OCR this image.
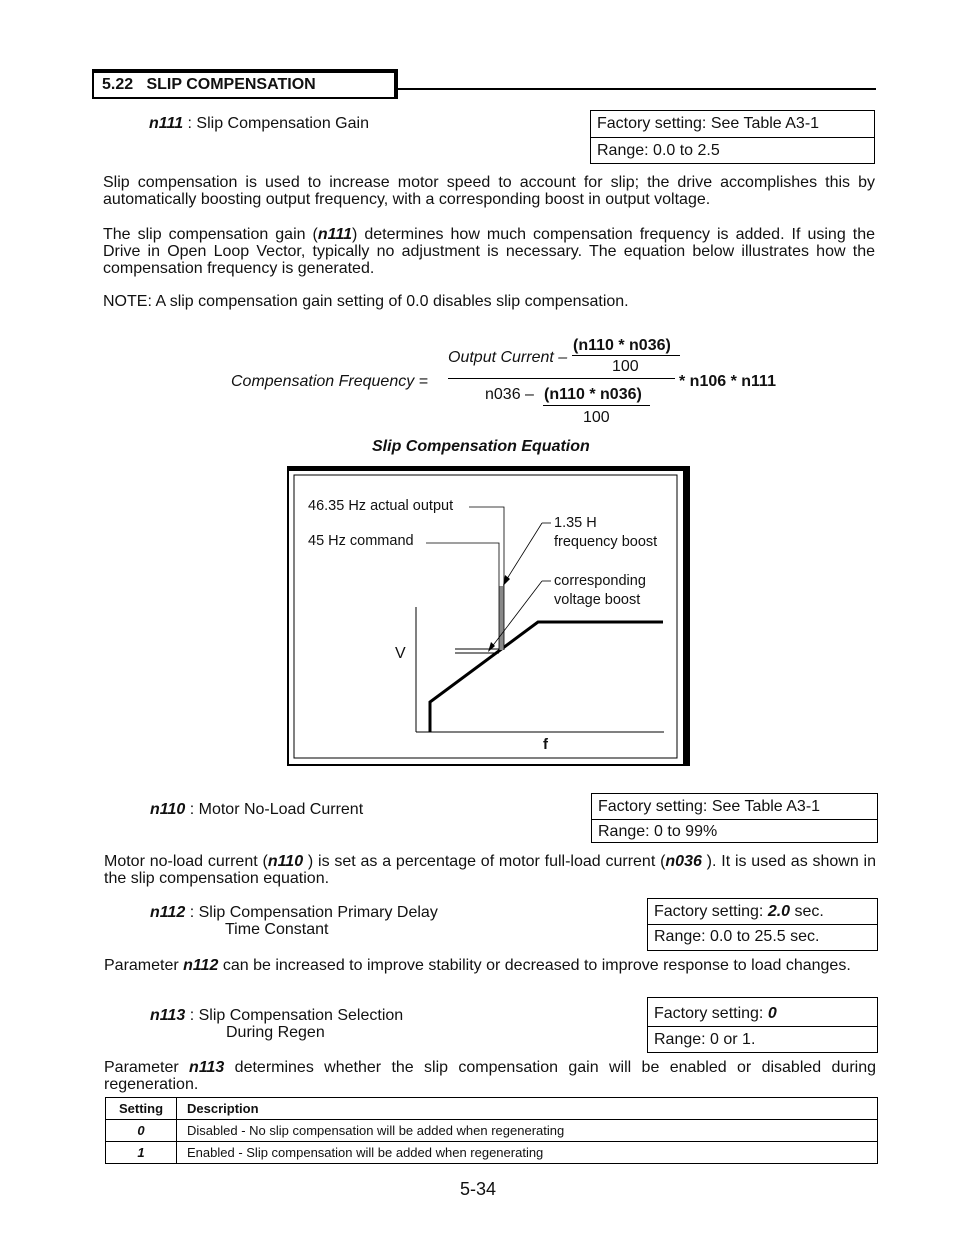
5.22 SLIP COMPENSATION
n111 : Slip Compensation Gain	Factory setting: See Table A3-1
Range: 0.0 to 2.5
Slip compensation is used to increase motor speed to account for slip; the drive accomplishes this by automatically boosting output frequency, with a corresponding boost in output voltage.
The slip compensation gain (n111) determines how much compensation frequency is added. If using the Drive in Open Loop Vector, typically no adjustment is necessary. The equation below illustrates how the compensation frequency is generated.
NOTE: A slip compensation gain setting of 0.0 disables slip compensation.
Compensation Frequency =
Output Current –
(n110 * n036)
100
n036 – (n110 * n036)
100
* n106 * n111
Slip Compensation Equation
46.35 Hz actual output
45 Hz command
1.35 H
frequency boost
corresponding
voltage boost
V
f
n110 : Motor No-Load Current	Factory setting: See Table A3-1
Range: 0 to 99%
Motor no-load current (n110 ) is set as a percentage of motor full-load current (n036 ). It is used as shown in the slip compensation equation.
n112 : Slip Compensation Primary Delay
Time Constant
Factory setting: 2.0 sec.
Range: 0.0 to 25.5 sec.
Parameter n112 can be increased to improve stability or decreased to improve response to load changes.
n113 : Slip Compensation Selection
During Regen
Factory setting: 0
Range: 0 or 1.
Parameter n113 determines whether the slip compensation gain will be enabled or disabled during regeneration.
Setting	Description
0	Disabled - No slip compensation will be added when regenerating
1	Enabled - Slip compensation will be added when regenerating
5-34
